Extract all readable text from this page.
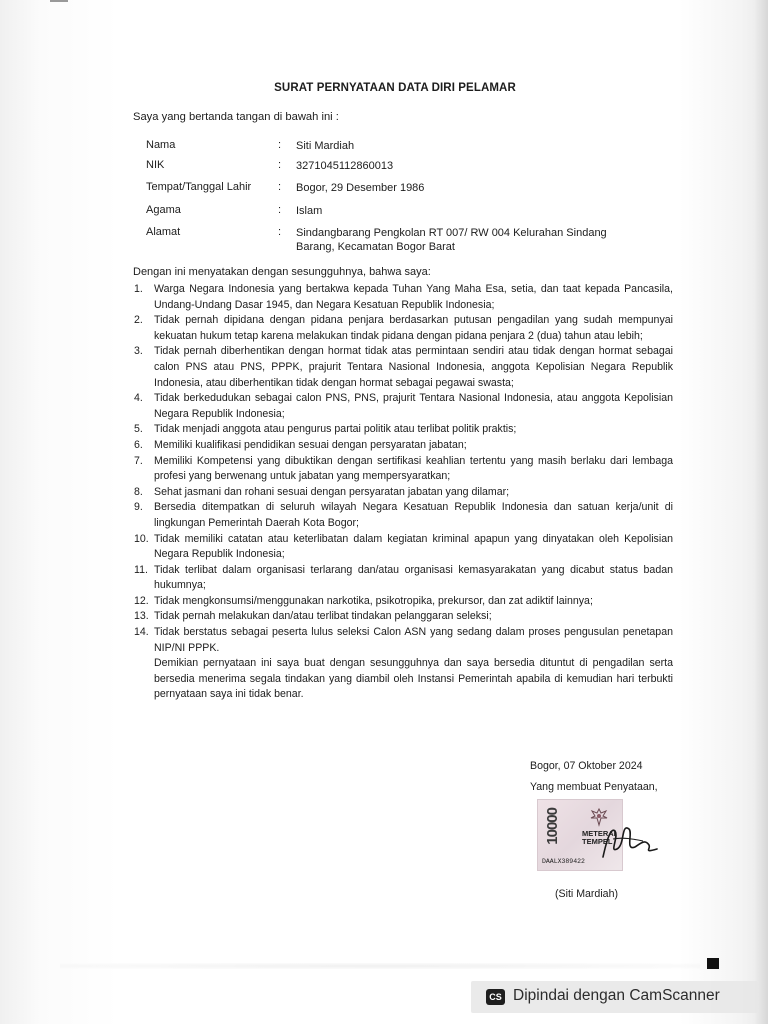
SURAT PERNYATAAN DATA DIRI PELAMAR
Saya yang bertanda tangan di bawah ini :
Nama	: Siti Mardiah
NIK	: 3271045112860013
Tempat/Tanggal Lahir	: Bogor, 29 Desember 1986
Agama	: Islam
Alamat	: Sindangbarang Pengkolan RT 007/ RW 004 Kelurahan Sindang Barang, Kecamatan Bogor Barat
Dengan ini menyatakan dengan sesungguhnya, bahwa saya:
1. Warga Negara Indonesia yang bertakwa kepada Tuhan Yang Maha Esa, setia, dan taat kepada Pancasila, Undang-Undang Dasar 1945, dan Negara Kesatuan Republik Indonesia;
2. Tidak pernah dipidana dengan pidana penjara berdasarkan putusan pengadilan yang sudah mempunyai kekuatan hukum tetap karena melakukan tindak pidana dengan pidana penjara 2 (dua) tahun atau lebih;
3. Tidak pernah diberhentikan dengan hormat tidak atas permintaan sendiri atau tidak dengan hormat sebagai calon PNS atau PNS, PPPK, prajurit Tentara Nasional Indonesia, anggota Kepolisian Negara Republik Indonesia, atau diberhentikan tidak dengan hormat sebagai pegawai swasta;
4. Tidak berkedudukan sebagai calon PNS, PNS, prajurit Tentara Nasional Indonesia, atau anggota Kepolisian Negara Republik Indonesia;
5. Tidak menjadi anggota atau pengurus partai politik atau terlibat politik praktis;
6. Memiliki kualifikasi pendidikan sesuai dengan persyaratan jabatan;
7. Memiliki Kompetensi yang dibuktikan dengan sertifikasi keahlian tertentu yang masih berlaku dari lembaga profesi yang berwenang untuk jabatan yang mempersyaratkan;
8. Sehat jasmani dan rohani sesuai dengan persyaratan jabatan yang dilamar;
9. Bersedia ditempatkan di seluruh wilayah Negara Kesatuan Republik Indonesia dan satuan kerja/unit di lingkungan Pemerintah Daerah Kota Bogor;
10. Tidak memiliki catatan atau keterlibatan dalam kegiatan kriminal apapun yang dinyatakan oleh Kepolisian Negara Republik Indonesia;
11. Tidak terlibat dalam organisasi terlarang dan/atau organisasi kemasyarakatan yang dicabut status badan hukumnya;
12. Tidak mengkonsumsi/menggunakan narkotika, psikotropika, prekursor, dan zat adiktif lainnya;
13. Tidak pernah melakukan dan/atau terlibat tindakan pelanggaran seleksi;
14. Tidak berstatus sebagai peserta lulus seleksi Calon ASN yang sedang dalam proses pengusulan penetapan NIP/NI PPPK.
Demikian pernyataan ini saya buat dengan sesungguhnya dan saya bersedia dituntut di pengadilan serta bersedia menerima segala tindakan yang diambil oleh Instansi Pemerintah apabila di kemudian hari terbukti pernyataan saya ini tidak benar.
Bogor, 07 Oktober 2024
Yang membuat Penyataan,
10000	METERAI
TEMPEL
DAALX389422
(Siti Mardiah)
CS Dipindai dengan CamScanner
